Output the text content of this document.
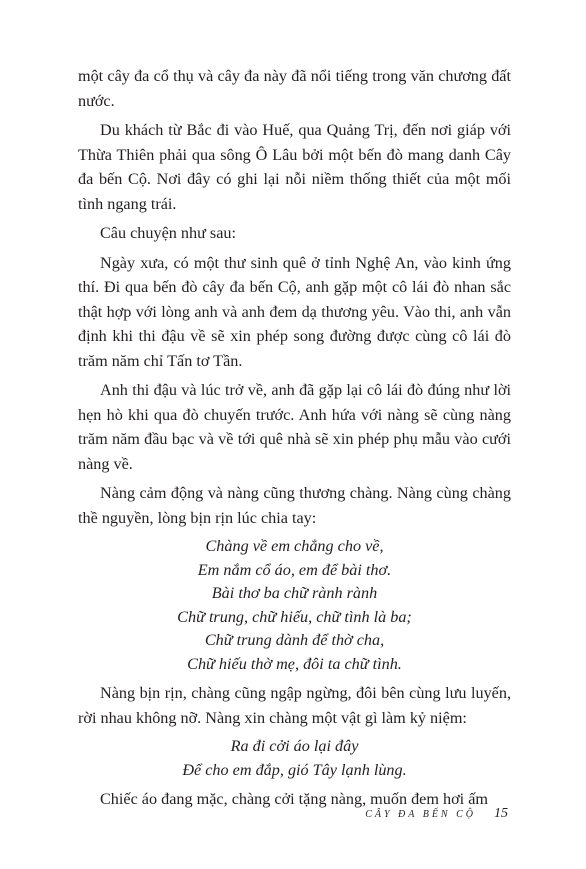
một cây đa cổ thụ và cây đa này đã nổi tiếng trong văn chương đất nước.

Du khách từ Bắc đi vào Huế, qua Quảng Trị, đến nơi giáp với Thừa Thiên phải qua sông Ô Lâu bởi một bến đò mang danh Cây đa bến Cộ. Nơi đây có ghi lại nỗi niềm thống thiết của một mối tình ngang trái.

Câu chuyện như sau:

Ngày xưa, có một thư sinh quê ở tỉnh Nghệ An, vào kinh ứng thí. Đi qua bến đò cây đa bến Cộ, anh gặp một cô lái đò nhan sắc thật hợp với lòng anh và anh đem dạ thương yêu. Vào thi, anh vẫn định khi thi đậu về sẽ xin phép song đường được cùng cô lái đò trăm năm chỉ Tấn tơ Tần.

Anh thi đậu và lúc trở về, anh đã gặp lại cô lái đò đúng như lời hẹn hò khi qua đò chuyến trước. Anh hứa với nàng sẽ cùng nàng trăm năm đầu bạc và về tới quê nhà sẽ xin phép phụ mẫu vào cưới nàng về.

Nàng cảm động và nàng cũng thương chàng. Nàng cùng chàng thề nguyền, lòng bịn rịn lúc chia tay:

Chàng về em chẳng cho về,
Em nắm cổ áo, em để bài thơ.
Bài thơ ba chữ rành rành
Chữ trung, chữ hiếu, chữ tình là ba;
Chữ trung dành để thờ cha,
Chữ hiếu thờ mẹ, đôi ta chữ tình.

Nàng bịn rịn, chàng cũng ngập ngừng, đôi bên cùng lưu luyến, rời nhau không nỡ. Nàng xin chàng một vật gì làm kỷ niệm:

Ra đi cởi áo lại đây
Để cho em đắp, gió Tây lạnh lùng.

Chiếc áo đang mặc, chàng cởi tặng nàng, muốn đem hơi ấm

CÂY ĐA BẾN CỘ 15
